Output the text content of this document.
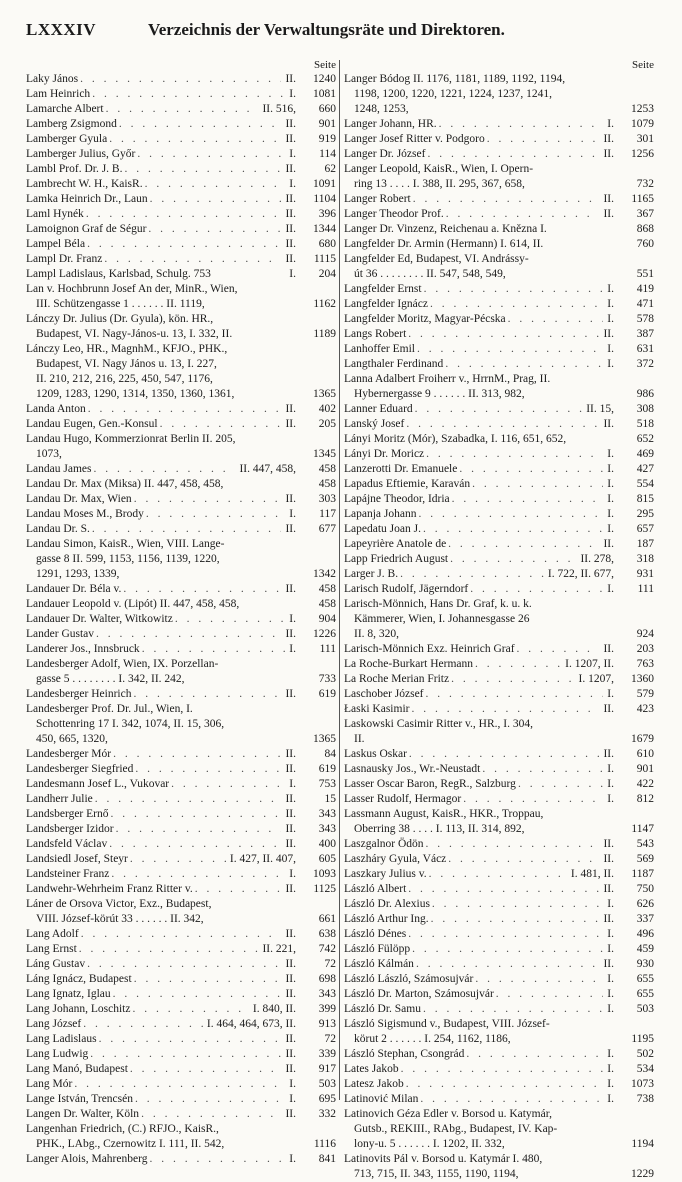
LXXXIV	Verzeichnis der Verwaltungsräte und Direktoren.
Seite
Laky János . . .	II.	1240
Lam Heinrich . . .	I.	1081
Lamarche Albert . . .	II. 516,	660
Lamberg Zsigmond . . .	II.	901
Lamberger Gyula . . .	II.	919
Lamberger Julius, Győr . . .	I.	114
Lambl Prof. Dr. J. B. . . .	II.	62
Lambrecht W. H., KaisR. . . .	I.	1091
Lamka Heinrich Dr., Laun . . .	II.	1104
Laml Hynék . . .	II.	396
Lamoignon Graf de Ségur . . .	II.	1344
Lampel Béla . . .	II.	680
Lampl Dr. Franz . . .	II.	1115
Lampl Ladislaus, Karlsbad, Schulg. 753	I.	204
Lan v. Hochbrunn Josef An der, MinR., Wien,
III. Schützengasse 1 . . . . . . II. 1119,	1162
Lánczy Dr. Julius (Dr. Gyula), kön. HR.,
Budapest, VI. Nagy-János-u. 13, I. 332, II.	1189
Lánczy Leo, HR., MagnhM., KFJO., PHK.,
Budapest, VI. Nagy János u. 13, I. 227,
II. 210, 212, 216, 225, 450, 547, 1176,
1209, 1283, 1290, 1314, 1350, 1360, 1361,	1365
Landa Anton . . .	II.	402
Landau Eugen, Gen.-Konsul . . .	II.	205
Landau Hugo, Kommerzionrat Berlin II. 205,
1073,	1345
Landau James . . .	II. 447, 458,	458
Landau Dr. Max (Miksa) II. 447, 458, 458,	458
Landau Dr. Max, Wien . . .	II.	303
Landau Moses M., Brody . . .	I.	117
Landau Dr. S. . . .	II.	677
Landau Simon, KaisR., Wien, VIII. Lange-
gasse 8 II. 599, 1153, 1156, 1139, 1220,
1291, 1293, 1339,	1342
Landauer Dr. Béla v. . . .	II.	458
Landauer Leopold v. (Lipót) II. 447, 458, 458,	458
Landauer Dr. Walter, Witkowitz . . .	I.	904
Lander Gustav . . .	II.	1226
Landerer Jos., Innsbruck . . .	I.	111
Landesberger Adolf, Wien, IX. Porzellan-
gasse 5 . . . . . . . . I. 342, II. 242,	733
Landesberger Heinrich . . .	II.	619
Landesberger Prof. Dr. Jul., Wien, I.
Schottenring 17 I. 342, 1074, II. 15, 306,
450, 665, 1320,	1365
Landesberger Mór . . .	II.	84
Landesberger Siegfried . . .	II.	619
Landesmann Josef L., Vukovar . . .	I.	753
Landherr Julie . . .	II.	15
Landsberger Ernő . . .	II.	343
Landsberger Izidor . . .	II.	343
Landsfeld Václav . . .	II.	400
Landsiedl Josef, Steyr . . .	I. 427, II. 407,	605
Landsteiner Franz . . .	I.	1093
Landwehr-Wehrheim Franz Ritter v. . . .	II.	1125
Láner de Orsova Victor, Exz., Budapest,
VIII. József-körút 33 . . . . . . II. 342,	661
Lang Adolf . . .	II.	638
Lang Ernst . . .	II. 221,	742
Láng Gustav . . .	II.	72
Láng Ignácz, Budapest . . .	II.	698
Lang Ignatz, Iglau . . .	II.	343
Lang Johann, Loschitz . . .	I. 840, II.	399
Lang József . . .	I. 464, 464, 673, II.	913
Lang Ladislaus . . .	II.	72
Lang Ludwig . . .	II.	339
Lang Manó, Budapest . . .	II.	917
Lang Mór . . .	I.	503
Lange István, Trencsén . . .	I.	695
Langen Dr. Walter, Köln . . .	II.	332
Langenhan Friedrich, (C.) RFJO., KaisR.,
PHK., LAbg., Czernowitz I. 111, II. 542,	1116
Langer Alois, Mahrenberg . . .	I.	841
Seite
Langer Bódog II. 1176, 1181, 1189, 1192, 1194,
1198, 1200, 1220, 1221, 1224, 1237, 1241,
1248, 1253,	1253
Langer Johann, HR. . . .	I.	1079
Langer Josef Ritter v. Podgoro . . .	II.	301
Langer Dr. József . . .	II.	1256
Langer Leopold, KaisR., Wien, I. Opern-
ring 13 . . . . I. 388, II. 295, 367, 658,	732
Langer Robert . . .	II.	1165
Langer Theodor Prof. . . .	II.	367
Langer Dr. Vinzenz, Reichenau a. Knězna I.	868
Langfelder Dr. Armin (Hermann) I. 614, II.	760
Langfelder Ed, Budapest, VI. Andrássy-
út 36 . . . . . . . . II. 547, 548, 549,	551
Langfelder Ernst . . .	I.	419
Langfelder Ignácz . . .	I.	471
Langfelder Moritz, Magyar-Pécska . . .	I.	578
Langs Robert . . .	II.	387
Lanhoffer Emil . . .	I.	631
Langthaler Ferdinand . . .	I.	372
Lanna Adalbert Froiherr v., HrrnM., Prag, II.
Hybernergasse 9 . . . . . . II. 313, 982,	986
Lanner Eduard . . .	II. 15,	308
Lanský Josef . . .	II.	518
Lányi Moritz (Mór), Szabadka, I. 116, 651, 652,	652
Lányi Dr. Moricz . . .	I.	469
Lanzerotti Dr. Emanuele . . .	I.	427
Lapadus Eftiemie, Karaván . . .	I.	554
Lapájne Theodor, Idria . . .	I.	815
Lapanja Johann . . .	I.	295
Lapedatu Joan J. . . .	I.	657
Lapeyrière Anatole de . . .	II.	187
Lapp Friedrich August . . .	II. 278,	318
Larger J. B. . . .	I. 722, II. 677,	931
Larisch Rudolf, Jägerndorf . . .	I.	111
Larisch-Mönnich, Hans Dr. Graf, k. u. k.
Kämmerer, Wien, I. Johannesgasse 26
II. 8, 320,	924
Larisch-Mönnich Exz. Heinrich Graf . . .	II.	203
La Roche-Burkart Hermann . . .	I. 1207, II.	763
La Roche Merian Fritz . . .	I. 1207,	1360
Laschober József . . .	I.	579
Łaski Kasimir . . .	II.	423
Laskowski Casimir Ritter v., HR., I. 304,
II.	1679
Laskus Oskar . . .	II.	610
Lasnausky Jos., Wr.-Neustadt . . .	I.	901
Lasser Oscar Baron, RegR., Salzburg . . .	I.	422
Lasser Rudolf, Hermagor . . .	I.	812
Lassmann August, KaisR., HKR., Troppau,
Oberring 38 . . . . I. 113, II. 314, 892,	1147
Laszgalnor Ödön . . .	II.	543
Laszháry Gyula, Vácz . . .	II.	569
Laszkary Julius v. . . .	I. 481, II.	1187
László Albert . . .	II.	750
László Dr. Alexius . . .	I.	626
László Arthur Ing. . . .	II.	337
László Dénes . . .	I.	496
László Fülöpp . . .	I.	459
László Kálmán . . .	II.	930
László László, Számosujvár . . .	I.	655
László Dr. Marton, Számosujvár . . .	I.	655
László Dr. Samu . . .	I.	503
László Sigismund v., Budapest, VIII. József-
körut 2 . . . . . . I. 254, 1162, 1186,	1195
László Stephan, Csongrád . . .	I.	502
Lates Jakob . . .	I.	534
Latesz Jakob . . .	I.	1073
Latinović Milan . . .	I.	738
Latinovich Géza Edler v. Borsod u. Katymár,
Gutsb., REKIII., RAbg., Budapest, IV. Kap-
lony-u. 5 . . . . . . I. 1202, II. 332,	1194
Latinovits Pál v. Borsod u. Katymár I. 480,
713, 715, II. 343, 1155, 1190, 1194,	1229
